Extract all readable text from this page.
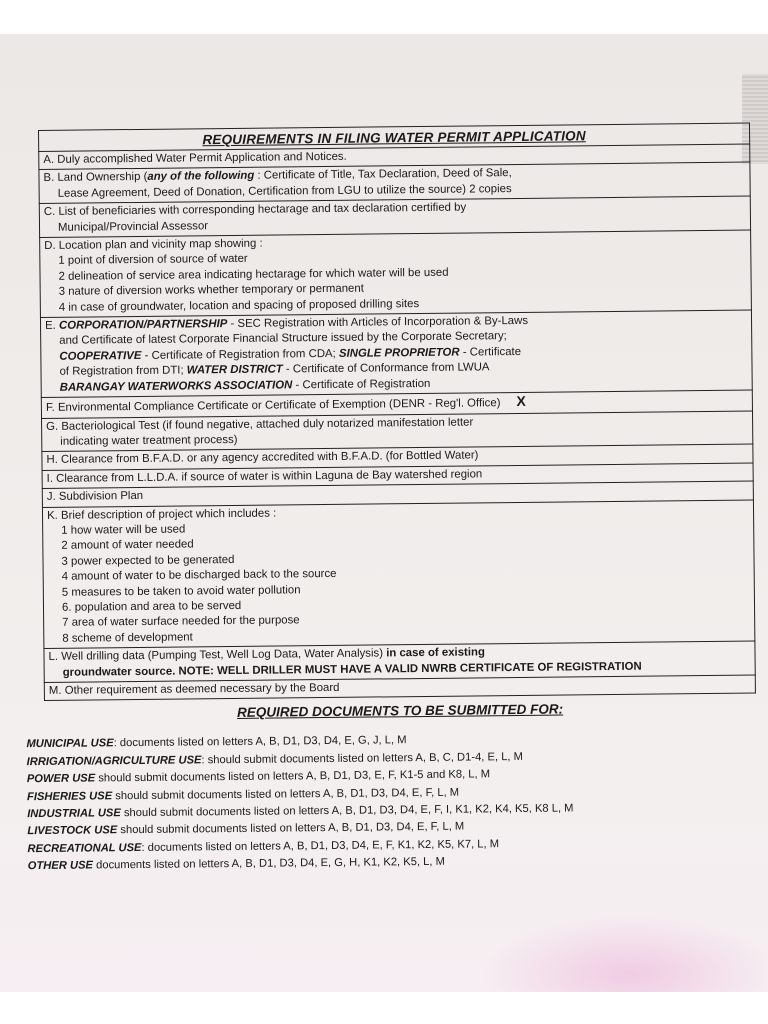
REQUIREMENTS IN FILING WATER PERMIT APPLICATION
A. Duly accomplished Water Permit Application and Notices.

B. Land Ownership (any of the following : Certificate of Title, Tax Declaration, Deed of Sale,
Lease Agreement, Deed of Donation, Certification from LGU to utilize the source) 2 copies

C. List of beneficiaries with corresponding hectarage and tax declaration certified by
Municipal/Provincial Assessor

D. Location plan and vicinity map showing :
1 point of diversion of source of water
2 delineation of service area indicating hectarage for which water will be used
3 nature of diversion works whether temporary or permanent
4 in case of groundwater, location and spacing of proposed drilling sites

E. CORPORATION/PARTNERSHIP - SEC Registration with Articles of Incorporation & By-Laws
and Certificate of latest Corporate Financial Structure issued by the Corporate Secretary;
COOPERATIVE - Certificate of Registration from CDA; SINGLE PROPRIETOR - Certificate
of Registration from DTI; WATER DISTRICT - Certificate of Conformance from LWUA
BARANGAY WATERWORKS ASSOCIATION - Certificate of Registration

F. Environmental Compliance Certificate or Certificate of Exemption (DENR - Reg'l. Office) X

G. Bacteriological Test (if found negative, attached duly notarized manifestation letter
indicating water treatment process)

H. Clearance from B.F.A.D. or any agency accredited with B.F.A.D. (for Bottled Water)
I. Clearance from L.L.D.A. if source of water is within Laguna de Bay watershed region
J. Subdivision Plan

K. Brief description of project which includes :
1 how water will be used
2 amount of water needed
3 power expected to be generated
4 amount of water to be discharged back to the source
5 measures to be taken to avoid water pollution
6. population and area to be served
7 area of water surface needed for the purpose
8 scheme of development

L. Well drilling data (Pumping Test, Well Log Data, Water Analysis) in case of existing
groundwater source. NOTE: WELL DRILLER MUST HAVE A VALID NWRB CERTIFICATE OF REGISTRATION

M. Other requirement as deemed necessary by the Board
REQUIRED DOCUMENTS TO BE SUBMITTED FOR:
MUNICIPAL USE: documents listed on letters A, B, D1, D3, D4, E, G, J, L, M
IRRIGATION/AGRICULTURE USE: should submit documents listed on letters A, B, C, D1-4, E, L, M
POWER USE should submit documents listed on letters A, B, D1, D3, E, F, K1-5 and K8, L, M
FISHERIES USE should submit documents listed on letters A, B, D1, D3, D4, E, F, L, M
INDUSTRIAL USE should submit documents listed on letters A, B, D1, D3, D4, E, F, I, K1, K2, K4, K5, K8 L, M
LIVESTOCK USE should submit documents listed on letters A, B, D1, D3, D4, E, F, L, M
RECREATIONAL USE: documents listed on letters A, B, D1, D3, D4, E, F, K1, K2, K5, K7, L, M
OTHER USE documents listed on letters A, B, D1, D3, D4, E, G, H, K1, K2, K5, L, M
